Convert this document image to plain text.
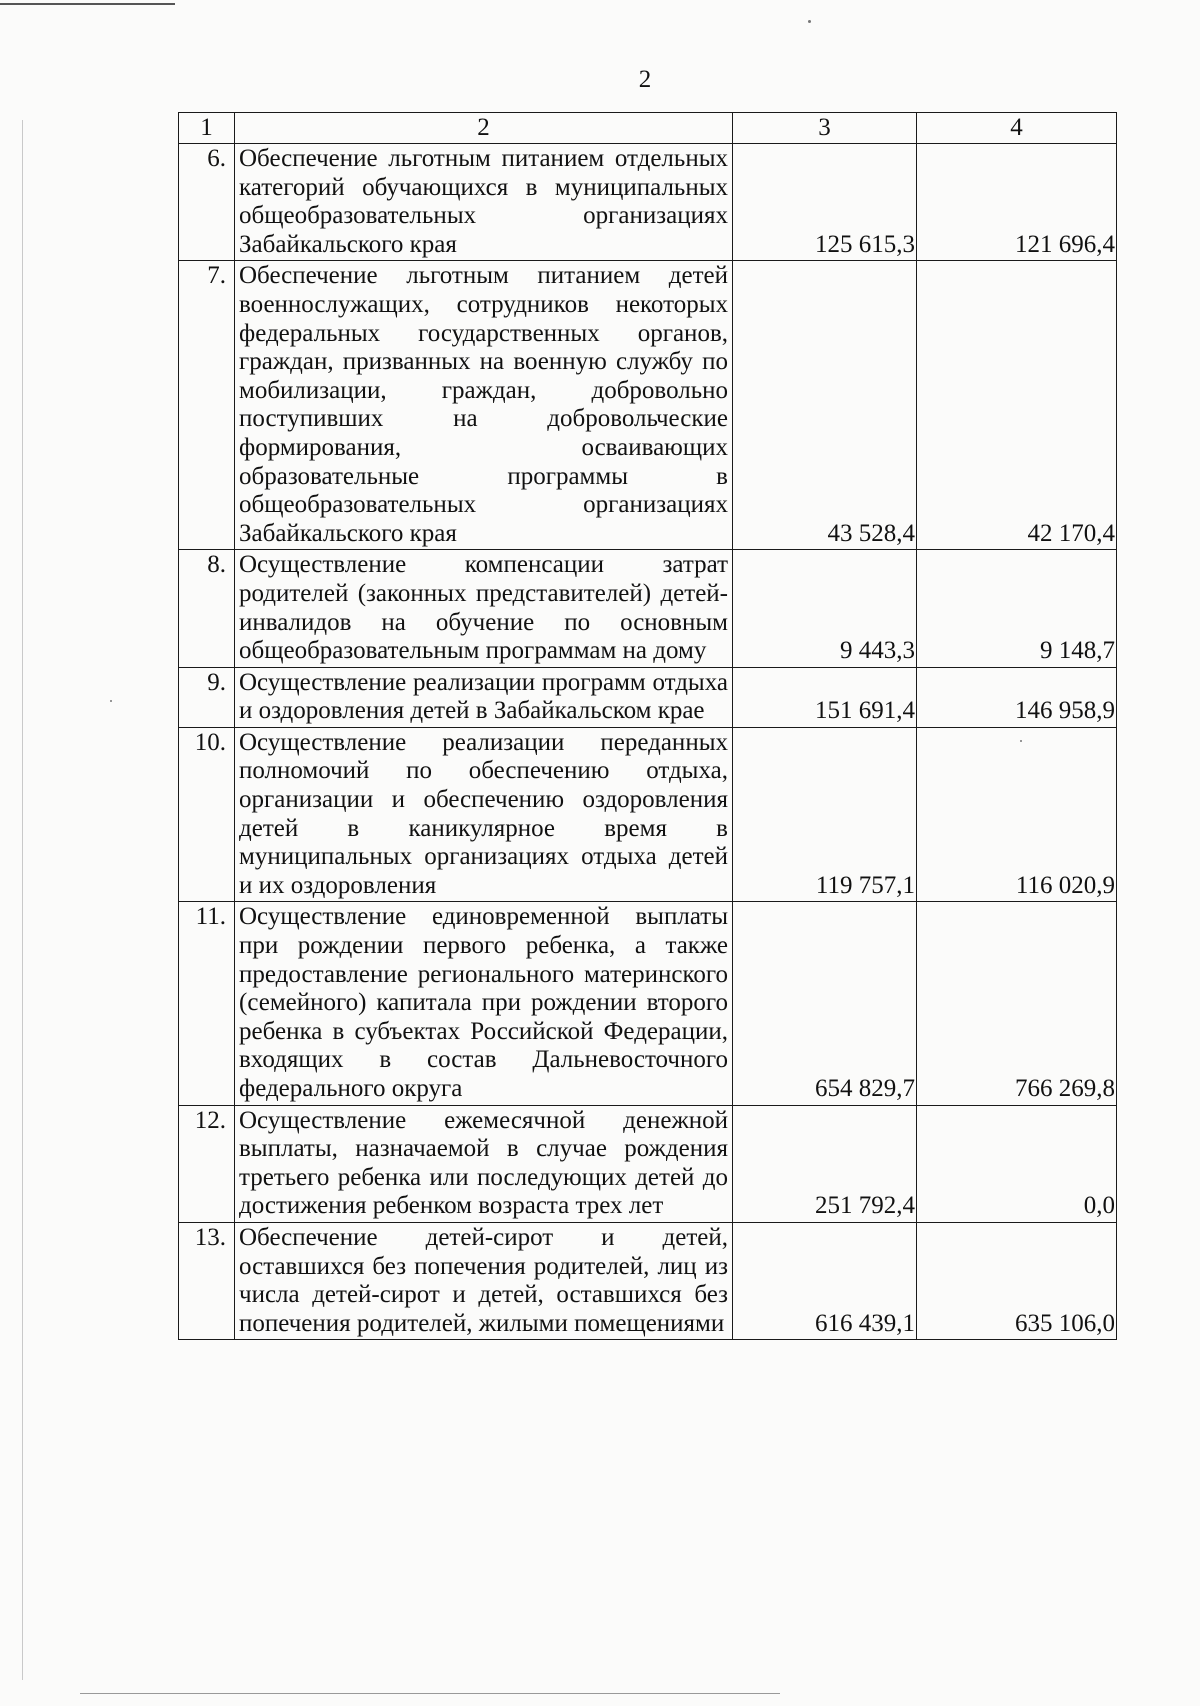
2
1	2	3	4
6.	Обеспечение льготным питанием отдельных категорий обучающихся в муниципальных общеобразовательных организациях Забайкальского края	125 615,3	121 696,4
7.	Обеспечение льготным питанием детей военнослужащих, сотрудников некоторых федеральных государственных органов, граждан, призванных на военную службу по мобилизации, граждан, добровольно поступивших на добровольческие формирования, осваивающих образовательные программы в общеобразовательных организациях Забайкальского края	43 528,4	42 170,4
8.	Осуществление компенсации затрат родителей (законных представителей) детей-инвалидов на обучение по основным общеобразовательным программам на дому	9 443,3	9 148,7
9.	Осуществление реализации программ отдыха и оздоровления детей в Забайкальском крае	151 691,4	146 958,9
10.	Осуществление реализации переданных полномочий по обеспечению отдыха, организации и обеспечению оздоровления детей в каникулярное время в муниципальных организациях отдыха детей и их оздоровления	119 757,1	116 020,9
11.	Осуществление единовременной выплаты при рождении первого ребенка, а также предоставление регионального материнского (семейного) капитала при рождении второго ребенка в субъектах Российской Федерации, входящих в состав Дальневосточного федерального округа	654 829,7	766 269,8
12.	Осуществление ежемесячной денежной выплаты, назначаемой в случае рождения третьего ребенка или последующих детей до достижения ребенком возраста трех лет	251 792,4	0,0
13.	Обеспечение детей-сирот и детей, оставшихся без попечения родителей, лиц из числа детей-сирот и детей, оставшихся без попечения родителей, жилыми помещениями	616 439,1	635 106,0
